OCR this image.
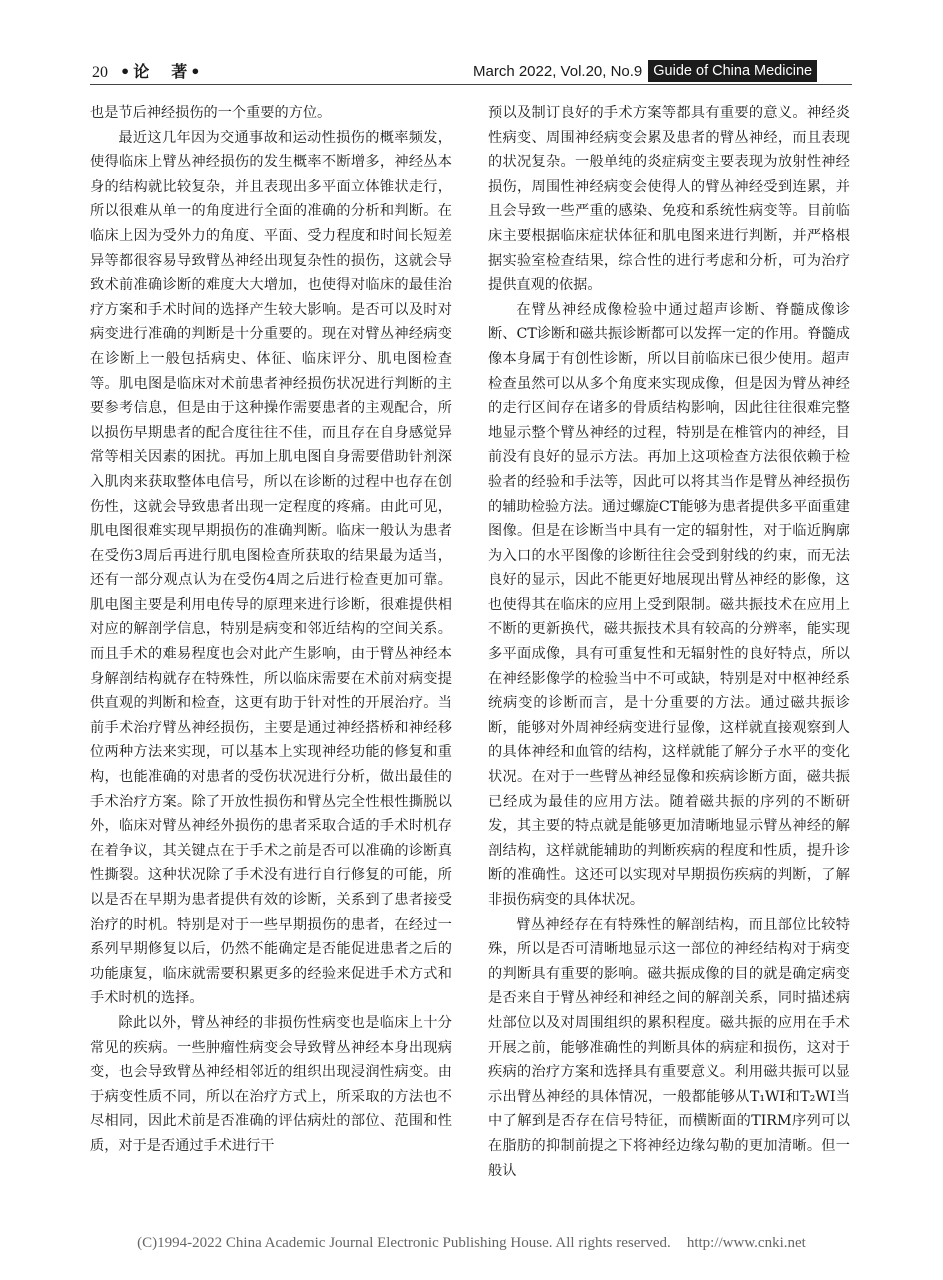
20 •论　著•	March 2022, Vol.20, No.9 Guide of China Medicine

也是节后神经损伤的一个重要的方位。

最近这几年因为交通事故和运动性损伤的概率频发，使得临床上臂丛神经损伤的发生概率不断增多，神经丛本身的结构就比较复杂，并且表现出多平面立体锥状走行，所以很难从单一的角度进行全面的准确的分析和判断。在临床上因为受外力的角度、平面、受力程度和时间长短差异等都很容易导致臂丛神经出现复杂性的损伤，这就会导致术前准确诊断的难度大大增加，也使得对临床的最佳治疗方案和手术时间的选择产生较大影响。是否可以及时对病变进行准确的判断是十分重要的。现在对臂丛神经病变在诊断上一般包括病史、体征、临床评分、肌电图检查等。肌电图是临床对术前患者神经损伤状况进行判断的主要参考信息，但是由于这种操作需要患者的主观配合，所以损伤早期患者的配合度往往不佳，而且存在自身感觉异常等相关因素的困扰。再加上肌电图自身需要借助针剂深入肌肉来获取整体电信号，所以在诊断的过程中也存在创伤性，这就会导致患者出现一定程度的疼痛。由此可见，肌电图很难实现早期损伤的准确判断。临床一般认为患者在受伤3周后再进行肌电图检查所获取的结果最为适当，还有一部分观点认为在受伤4周之后进行检查更加可靠。肌电图主要是利用电传导的原理来进行诊断，很难提供相对应的解剖学信息，特别是病变和邻近结构的空间关系。而且手术的难易程度也会对此产生影响，由于臂丛神经本身解剖结构就存在特殊性，所以临床需要在术前对病变提供直观的判断和检查，这更有助于针对性的开展治疗。当前手术治疗臂丛神经损伤，主要是通过神经搭桥和神经移位两种方法来实现，可以基本上实现神经功能的修复和重构，也能准确的对患者的受伤状况进行分析，做出最佳的手术治疗方案。除了开放性损伤和臂丛完全性根性撕脱以外，临床对臂丛神经外损伤的患者采取合适的手术时机存在着争议，其关键点在于手术之前是否可以准确的诊断真性撕裂。这种状况除了手术没有进行自行修复的可能，所以是否在早期为患者提供有效的诊断，关系到了患者接受治疗的时机。特别是对于一些早期损伤的患者，在经过一系列早期修复以后，仍然不能确定是否能促进患者之后的功能康复，临床就需要积累更多的经验来促进手术方式和手术时机的选择。

除此以外，臂丛神经的非损伤性病变也是临床上十分常见的疾病。一些肿瘤性病变会导致臂丛神经本身出现病变，也会导致臂丛神经相邻近的组织出现浸润性病变。由于病变性质不同，所以在治疗方式上，所采取的方法也不尽相同，因此术前是否准确的评估病灶的部位、范围和性质，对于是否通过手术进行干

预以及制订良好的手术方案等都具有重要的意义。神经炎性病变、周围神经病变会累及患者的臂丛神经，而且表现的状况复杂。一般单纯的炎症病变主要表现为放射性神经损伤，周围性神经病变会使得人的臂丛神经受到连累，并且会导致一些严重的感染、免疫和系统性病变等。目前临床主要根据临床症状体征和肌电图来进行判断，并严格根据实验室检查结果，综合性的进行考虑和分析，可为治疗提供直观的依据。

在臂丛神经成像检验中通过超声诊断、脊髓成像诊断、CT诊断和磁共振诊断都可以发挥一定的作用。脊髓成像本身属于有创性诊断，所以目前临床已很少使用。超声检查虽然可以从多个角度来实现成像，但是因为臂丛神经的走行区间存在诸多的骨质结构影响，因此往往很难完整地显示整个臂丛神经的过程，特别是在椎管内的神经，目前没有良好的显示方法。再加上这项检查方法很依赖于检验者的经验和手法等，因此可以将其当作是臂丛神经损伤的辅助检验方法。通过螺旋CT能够为患者提供多平面重建图像。但是在诊断当中具有一定的辐射性，对于临近胸廓为入口的水平图像的诊断往往会受到射线的约束，而无法良好的显示，因此不能更好地展现出臂丛神经的影像，这也使得其在临床的应用上受到限制。磁共振技术在应用上不断的更新换代，磁共振技术具有较高的分辨率，能实现多平面成像，具有可重复性和无辐射性的良好特点，所以在神经影像学的检验当中不可或缺，特别是对中枢神经系统病变的诊断而言，是十分重要的方法。通过磁共振诊断，能够对外周神经病变进行显像，这样就直接观察到人的具体神经和血管的结构，这样就能了解分子水平的变化状况。在对于一些臂丛神经显像和疾病诊断方面，磁共振已经成为最佳的应用方法。随着磁共振的序列的不断研发，其主要的特点就是能够更加清晰地显示臂丛神经的解剖结构，这样就能辅助的判断疾病的程度和性质，提升诊断的准确性。这还可以实现对早期损伤疾病的判断，了解非损伤病变的具体状况。

臂丛神经存在有特殊性的解剖结构，而且部位比较特殊，所以是否可清晰地显示这一部位的神经结构对于病变的判断具有重要的影响。磁共振成像的目的就是确定病变是否来自于臂丛神经和神经之间的解剖关系，同时描述病灶部位以及对周围组织的累积程度。磁共振的应用在手术开展之前，能够准确性的判断具体的病症和损伤，这对于疾病的治疗方案和选择具有重要意义。利用磁共振可以显示出臂丛神经的具体情况，一般都能够从T₁WI和T₂WI当中了解到是否存在信号特征，而横断面的TIRM序列可以在脂肪的抑制前提之下将神经边缘勾勒的更加清晰。但一般认

(C)1994-2022 China Academic Journal Electronic Publishing House. All rights reserved. http://www.cnki.net
